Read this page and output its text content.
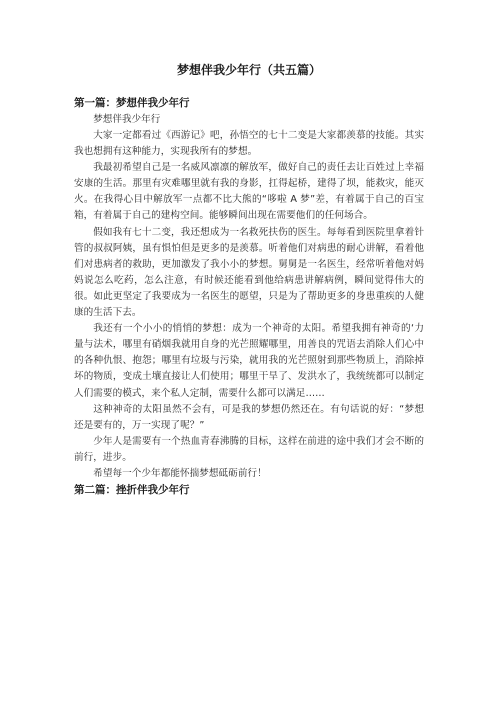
梦想伴我少年行（共五篇）
第一篇：梦想伴我少年行

梦想伴我少年行

大家一定都看过《西游记》吧，孙悟空的七十二变是大家都羡慕的技能。其实我也想拥有这种能力，实现我所有的梦想。

我最初希望自己是一名威风凛凛的解放军，做好自己的责任去让百姓过上幸福安康的生活。那里有灾难哪里就有我的身影，扛得起桥，建得了坝，能救灾，能灭火。在我得心目中解放军一点都不比大熊的“哆啦 A 梦”差，有着属于自己的百宝箱，有着属于自己的建构空间。能够瞬间出现在需要他们的任何场合。

假如我有七十二变，我还想成为一名救死扶伤的医生。每每看到医院里拿着针管的叔叔阿姨，虽有惧怕但是更多的是羡慕。听着他们对病患的耐心讲解，看着他们对患病者的救助，更加激发了我小小的梦想。舅舅是一名医生，经常听着他对妈妈说怎么吃药，怎么注意，有时候还能看到他给病患讲解病例，瞬间觉得伟大的很。如此更坚定了我要成为一名医生的愿望，只是为了帮助更多的身患重疾的人健康的生活下去。

我还有一个小小的悄悄的梦想：成为一个神奇的太阳。希望我拥有神奇的‘力量与法术，哪里有硝烟我就用自身的光芒照耀哪里，用善良的咒语去消除人们心中的各种仇恨、抱怨；哪里有垃圾与污染，就用我的光芒照射到那些物质上，消除掉坏的物质，变成土壤直接让人们使用；哪里干旱了、发洪水了，我统统都可以制定人们需要的模式，来个私人定制，需要什么都可以满足……

这种神奇的太阳虽然不会有，可是我的梦想仍然还在。有句话说的好：“梦想还是要有的，万一实现了呢？”

少年人是需要有一个热血青春沸腾的目标，这样在前进的途中我们才会不断的前行，进步。

希望每一个少年都能怀揣梦想砥砺前行！

第二篇：挫折伴我少年行
